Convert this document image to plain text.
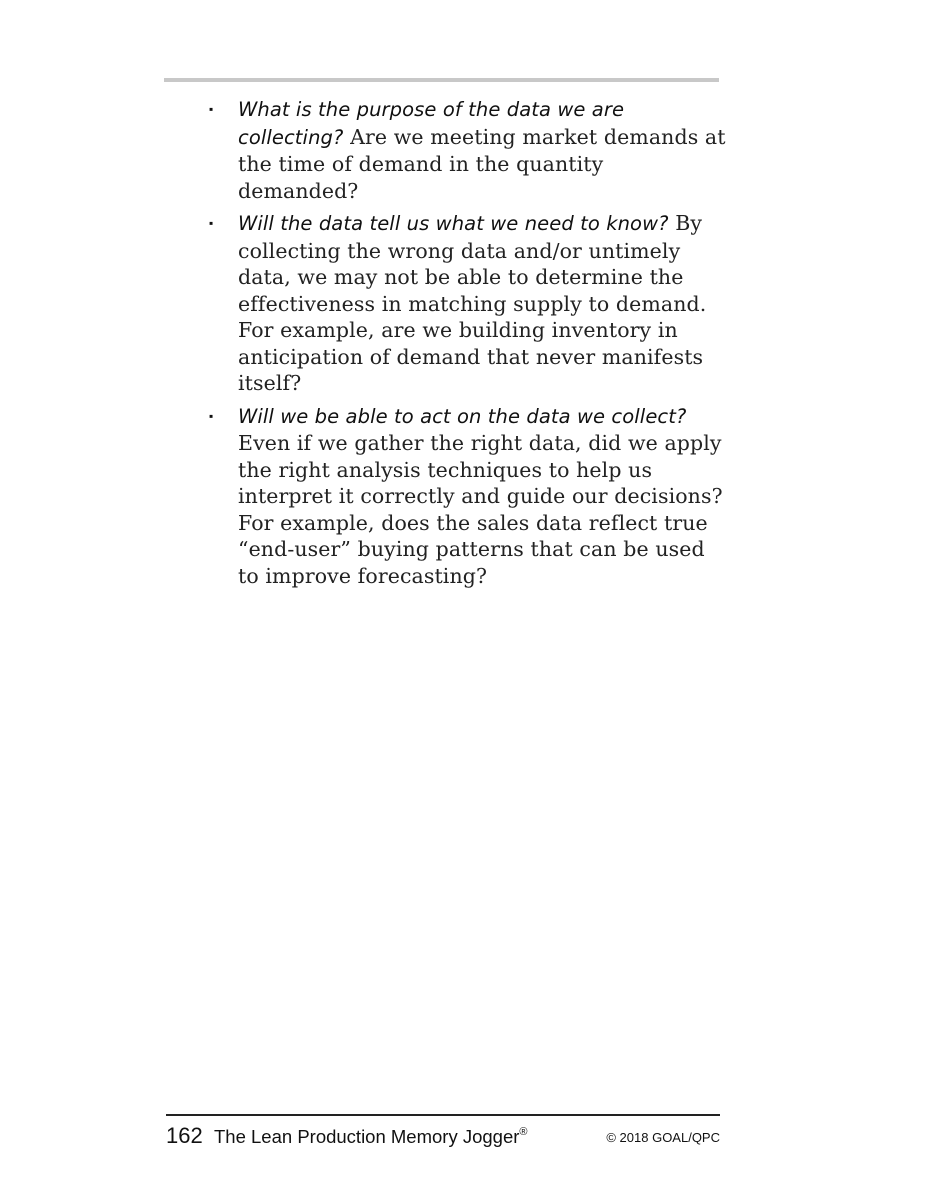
▪ What is the purpose of the data we are collecting? Are we meeting market demands at the time of demand in the quantity demanded?
▪ Will the data tell us what we need to know? By collecting the wrong data and/or untimely data, we may not be able to determine the effectiveness in matching supply to demand. For example, are we building inventory in anticipation of demand that never manifests itself?
▪ Will we be able to act on the data we collect? Even if we gather the right data, did we apply the right analysis techniques to help us interpret it correctly and guide our decisions? For example, does the sales data reflect true “end-user” buying patterns that can be used to improve forecasting?
162 The Lean Production Memory Jogger®	© 2018 GOAL/QPC
